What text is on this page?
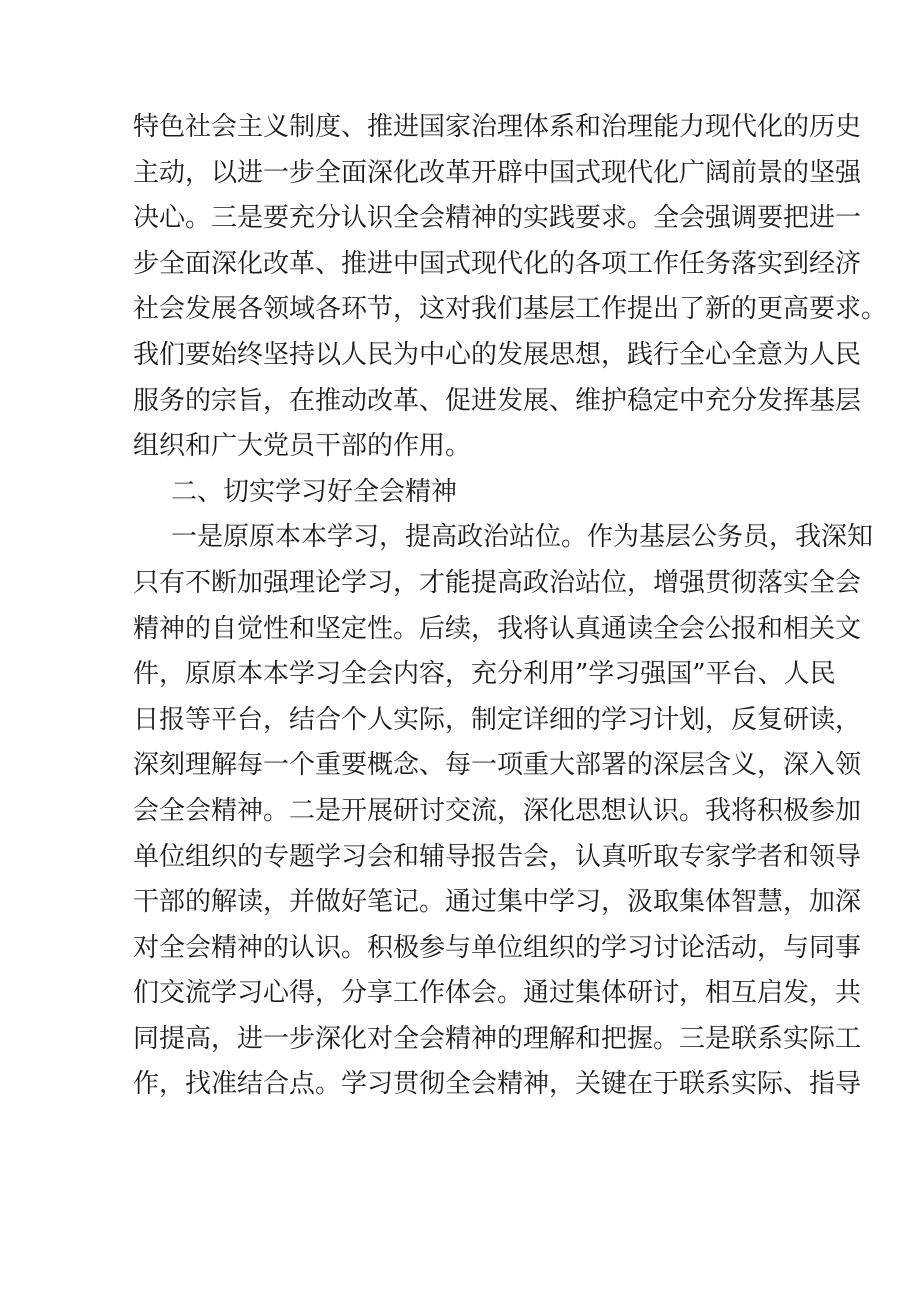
特色社会主义制度、推进国家治理体系和治理能力现代化的历史
主动，以进一步全面深化改革开辟中国式现代化广阔前景的坚强
决心。三是要充分认识全会精神的实践要求。全会强调要把进一
步全面深化改革、推进中国式现代化的各项工作任务落实到经济
社会发展各领域各环节，这对我们基层工作提出了新的更高要求。
我们要始终坚持以人民为中心的发展思想，践行全心全意为人民
服务的宗旨，在推动改革、促进发展、维护稳定中充分发挥基层
组织和广大党员干部的作用。
二、切实学习好全会精神
一是原原本本学习，提高政治站位。作为基层公务员，我深知
只有不断加强理论学习，才能提高政治站位，增强贯彻落实全会
精神的自觉性和坚定性。后续，我将认真通读全会公报和相关文
件，原原本本学习全会内容，充分利用”学习强国”平台、人民
日报等平台，结合个人实际，制定详细的学习计划，反复研读，
深刻理解每一个重要概念、每一项重大部署的深层含义，深入领
会全会精神。二是开展研讨交流，深化思想认识。我将积极参加
单位组织的专题学习会和辅导报告会，认真听取专家学者和领导
干部的解读，并做好笔记。通过集中学习，汲取集体智慧，加深
对全会精神的认识。积极参与单位组织的学习讨论活动，与同事
们交流学习心得，分享工作体会。通过集体研讨，相互启发，共
同提高，进一步深化对全会精神的理解和把握。三是联系实际工
作，找准结合点。学习贯彻全会精神，关键在于联系实际、指导
